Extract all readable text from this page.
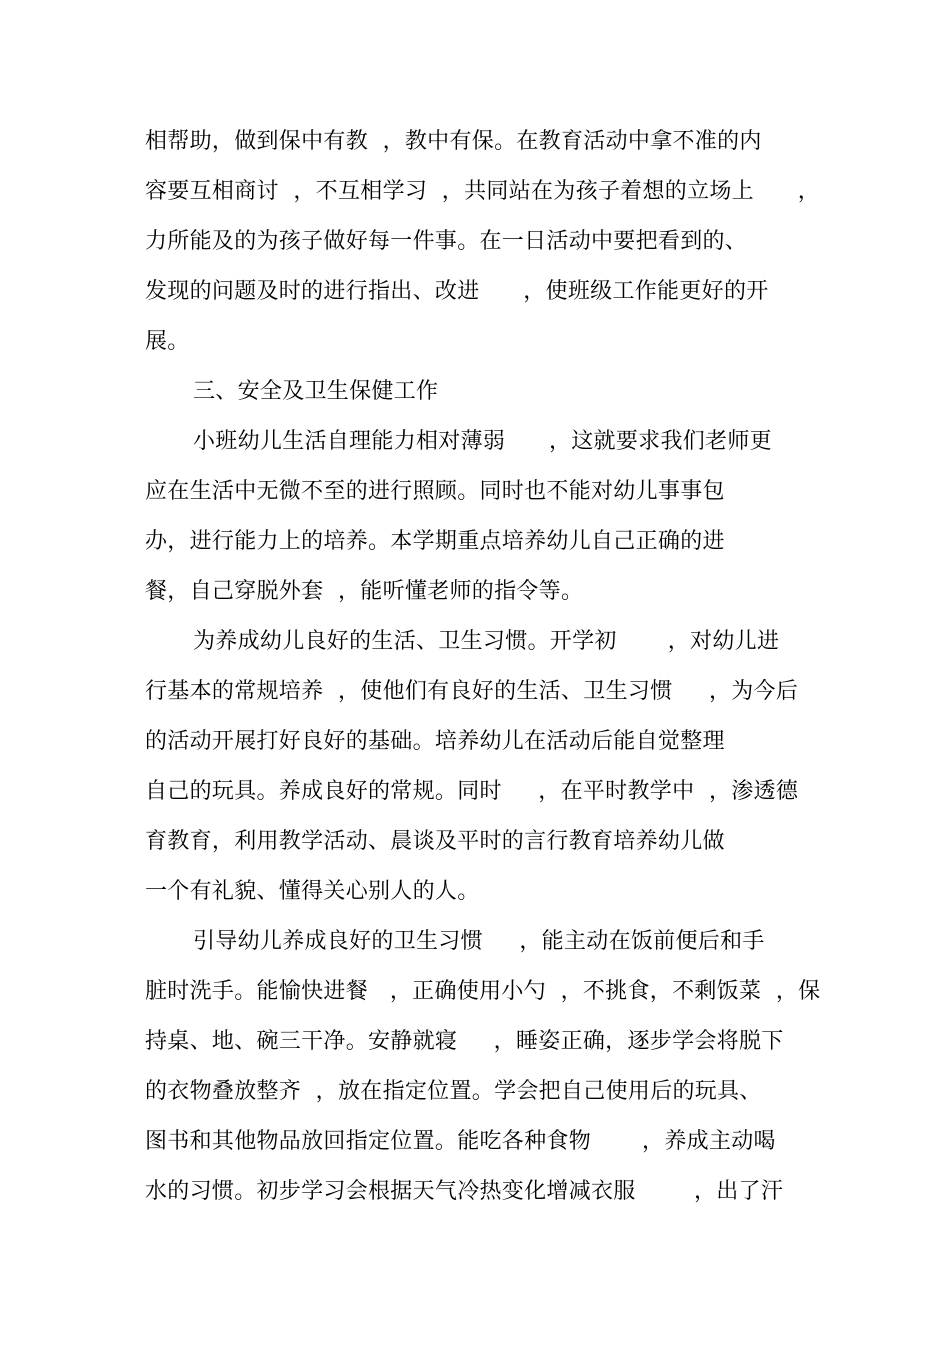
相帮助，做到保中有教  ，教中有保。在教育活动中拿不准的内
容要互相商讨  ，不互相学习  ，共同站在为孩子着想的立场上      ，
力所能及的为孩子做好每一件事。在一日活动中要把看到的、
发现的问题及时的进行指出、改进      ，使班级工作能更好的开
展。
三、安全及卫生保健工作
小班幼儿生活自理能力相对薄弱      ，这就要求我们老师更
应在生活中无微不至的进行照顾。同时也不能对幼儿事事包
办，进行能力上的培养。本学期重点培养幼儿自己正确的进
餐，自己穿脱外套  ，能听懂老师的指令等。
为养成幼儿良好的生活、卫生习惯。开学初       ，对幼儿进
行基本的常规培养  ，使他们有良好的生活、卫生习惯     ，为今后
的活动开展打好良好的基础。培养幼儿在活动后能自觉整理
自己的玩具。养成良好的常规。同时     ，在平时教学中  ，渗透德
育教育，利用教学活动、晨谈及平时的言行教育培养幼儿做
一个有礼貌、懂得关心别人的人。
引导幼儿养成良好的卫生习惯     ，能主动在饭前便后和手
脏时洗手。能愉快进餐   ，正确使用小勺  ，不挑食，不剩饭菜  ，保
持桌、地、碗三干净。安静就寝     ，睡姿正确，逐步学会将脱下
的衣物叠放整齐  ，放在指定位置。学会把自己使用后的玩具、
图书和其他物品放回指定位置。能吃各种食物       ，养成主动喝
水的习惯。初步学习会根据天气冷热变化增减衣服        ，出了汗
